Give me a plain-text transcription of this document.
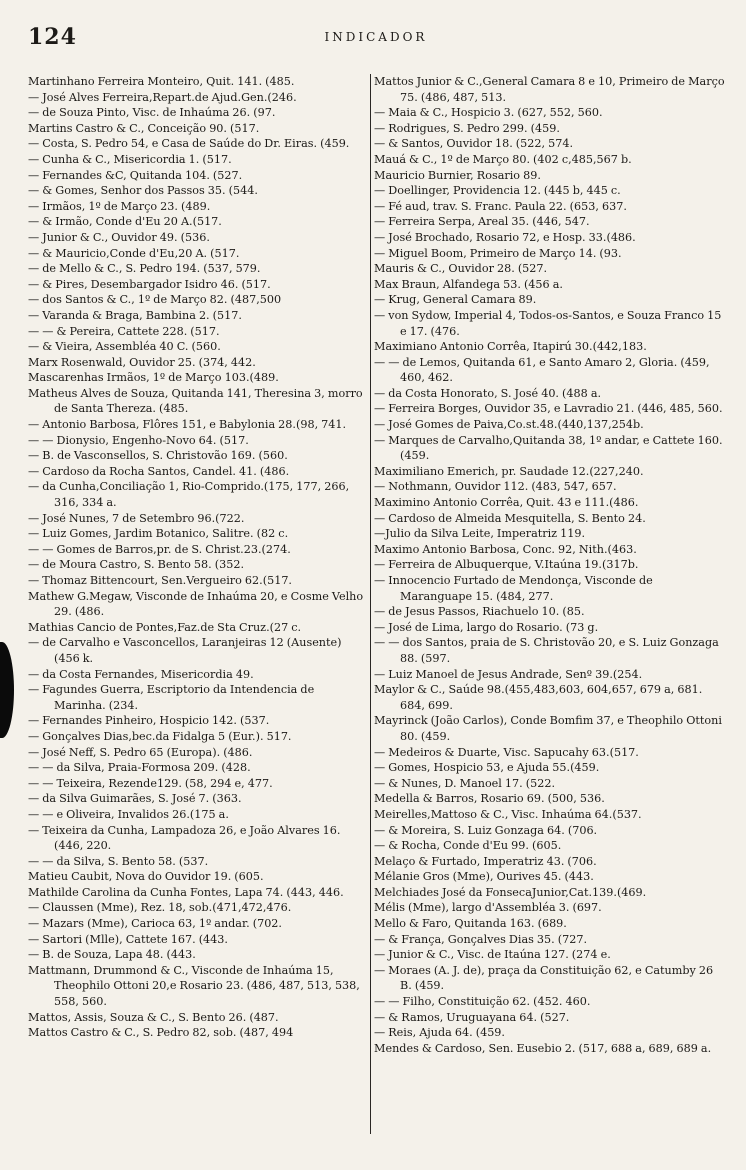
124	INDICADOR
Martinhano Ferreira Monteiro, Quit. 141. (485.
— José Alves Ferreira,Repart.de Ajud.Gen.(246.
— de Souza Pinto, Visc. de Inhaúma 26. (97.
Martins Castro & C., Conceição 90. (517.
— Costa, S. Pedro 54, e Casa de Saúde do Dr. Eiras. (459.
— Cunha & C., Misericordia 1. (517.
— Fernandes &C, Quitanda 104. (527.
— & Gomes, Senhor dos Passos 35. (544.
— Irmãos, 1º de Março 23. (489.
— & Irmão, Conde d'Eu 20 A.(517.
— Junior & C., Ouvidor 49. (536.
— & Mauricio,Conde d'Eu,20 A. (517.
— de Mello & C., S. Pedro 194. (537, 579.
— & Pires, Desembargador Isidro 46. (517.
— dos Santos & C., 1º de Março 82. (487,500
— Varanda & Braga, Bambina 2. (517.
— — & Pereira, Cattete 228. (517.
— & Vieira, Assembléa 40 C. (560.
Marx Rosenwald, Ouvidor 25. (374, 442.
Mascarenhas Irmãos, 1º de Março 103.(489.
Matheus Alves de Souza, Quitanda 141, Theresina 3, morro de Santa Thereza. (485.
— Antonio Barbosa, Flôres 151, e Babylonia 28.(98, 741.
— — Dionysio, Engenho-Novo 64. (517.
— B. de Vasconsellos, S. Christovão 169. (560.
— Cardoso da Rocha Santos, Candel. 41. (486.
— da Cunha,Conciliação 1, Rio-Comprido.(175, 177, 266, 316, 334 a.
— José Nunes, 7 de Setembro 96.(722.
— Luiz Gomes, Jardim Botanico, Salitre. (82 c.
— — Gomes de Barros,pr. de S. Christ.23.(274.
— de Moura Castro, S. Bento 58. (352.
— Thomaz Bittencourt, Sen.Vergueiro 62.(517.
Mathew G.Megaw, Visconde de Inhaúma 20, e Cosme Velho 29. (486.
Mathias Cancio de Pontes,Faz.de Sta Cruz.(27 c.
— de Carvalho e Vasconcellos, Laranjeiras 12 (Ausente) (456 k.
— da Costa Fernandes, Misericordia 49.
— Fagundes Guerra, Escriptorio da Intendencia de Marinha. (234.
— Fernandes Pinheiro, Hospicio 142. (537.
— Gonçalves Dias,bec.da Fidalga 5 (Eur.). 517.
— José Neff, S. Pedro 65 (Europa). (486.
— — da Silva, Praia-Formosa 209. (428.
— — Teixeira, Rezende129. (58, 294 e, 477.
— da Silva Guimarães, S. José 7. (363.
— — e Oliveira, Invalidos 26.(175 a.
— Teixeira da Cunha, Lampadoza 26, e João Alvares 16. (446, 220.
— — da Silva, S. Bento 58. (537.
Matieu Caubit, Nova do Ouvidor 19. (605.
Mathilde Carolina da Cunha Fontes, Lapa 74. (443, 446.
— Claussen (Mme), Rez. 18, sob.(471,472,476.
— Mazars (Mme), Carioca 63, 1º andar. (702.
— Sartori (Mlle), Cattete 167. (443.
— B. de Souza, Lapa 48. (443.
Mattmann, Drummond & C., Visconde de Inhaúma 15, Theophilo Ottoni 20,e Rosario 23. (486, 487, 513, 538, 558, 560.
Mattos, Assis, Souza & C., S. Bento 26. (487.
Mattos Castro & C., S. Pedro 82, sob. (487, 494
Mattos Junior & C.,General Camara 8 e 10, Primeiro de Março 75. (486, 487, 513.
— Maia & C., Hospicio 3. (627, 552, 560.
— Rodrigues, S. Pedro 299. (459.
— & Santos, Ouvidor 18. (522, 574.
Mauá & C., 1º de Março 80. (402 c,485,567 b.
Mauricio Burnier, Rosario 89.
— Doellinger, Providencia 12. (445 b, 445 c.
— Fé aud, trav. S. Franc. Paula 22. (653, 637.
— Ferreira Serpa, Areal 35. (446, 547.
— José Brochado, Rosario 72, e Hosp. 33.(486.
— Miguel Boom, Primeiro de Março 14. (93.
Mauris & C., Ouvidor 28. (527.
Max Braun, Alfandega 53. (456 a.
— Krug, General Camara 89.
— von Sydow, Imperial 4, Todos-os-Santos, e Souza Franco 15 e 17. (476.
Maximiano Antonio Corrêa, Itapirú 30.(442,183.
— — de Lemos, Quitanda 61, e Santo Amaro 2, Gloria. (459, 460, 462.
— da Costa Honorato, S. José 40. (488 a.
— Ferreira Borges, Ouvidor 35, e Lavradio 21. (446, 485, 560.
— José Gomes de Paiva,Co.st.48.(440,137,254b.
— Marques de Carvalho,Quitanda 38, 1º andar, e Cattete 160. (459.
Maximiliano Emerich, pr. Saudade 12.(227,240.
— Nothmann, Ouvidor 112. (483, 547, 657.
Maximino Antonio Corrêa, Quit. 43 e 111.(486.
— Cardoso de Almeida Mesquitella, S. Bento 24.
—Julio da Silva Leite, Imperatriz 119.
Maximo Antonio Barbosa, Conc. 92, Nith.(463.
— Ferreira de Albuquerque, V.Itaúna 19.(317b.
— Innocencio Furtado de Mendonça, Visconde de Maranguape 15. (484, 277.
— de Jesus Passos, Riachuelo 10. (85.
— José de Lima, largo do Rosario. (73 g.
— — dos Santos, praia de S. Christovão 20, e S. Luiz Gonzaga 88. (597.
— Luiz Manoel de Jesus Andrade, Senº 39.(254.
Maylor & C., Saúde 98.(455,483,603, 604,657, 679 a, 681. 684, 699.
Mayrinck (João Carlos), Conde Bomfim 37, e Theophilo Ottoni 80. (459.
— Medeiros & Duarte, Visc. Sapucahy 63.(517.
— Gomes, Hospicio 53, e Ajuda 55.(459.
— & Nunes, D. Manoel 17. (522.
Medella & Barros, Rosario 69. (500, 536.
Meirelles,Mattoso & C., Visc. Inhaúma 64.(537.
— & Moreira, S. Luiz Gonzaga 64. (706.
— & Rocha, Conde d'Eu 99. (605.
Melaço & Furtado, Imperatriz 43. (706.
Mélanie Gros (Mme), Ourives 45. (443.
Melchiades José da FonsecaJunior,Cat.139.(469.
Mélis (Mme), largo d'Assembléa 3. (697.
Mello & Faro, Quitanda 163. (689.
— & França, Gonçalves Dias 35. (727.
— Junior & C., Visc. de Itaúna 127. (274 e.
— Moraes (A. J. de), praça da Constituição 62, e Catumby 26 B. (459.
— — Filho, Constituição 62. (452. 460.
— & Ramos, Uruguayana 64. (527.
— Reis, Ajuda 64. (459.
Mendes & Cardoso, Sen. Eusebio 2. (517, 688 a, 689, 689 a.
